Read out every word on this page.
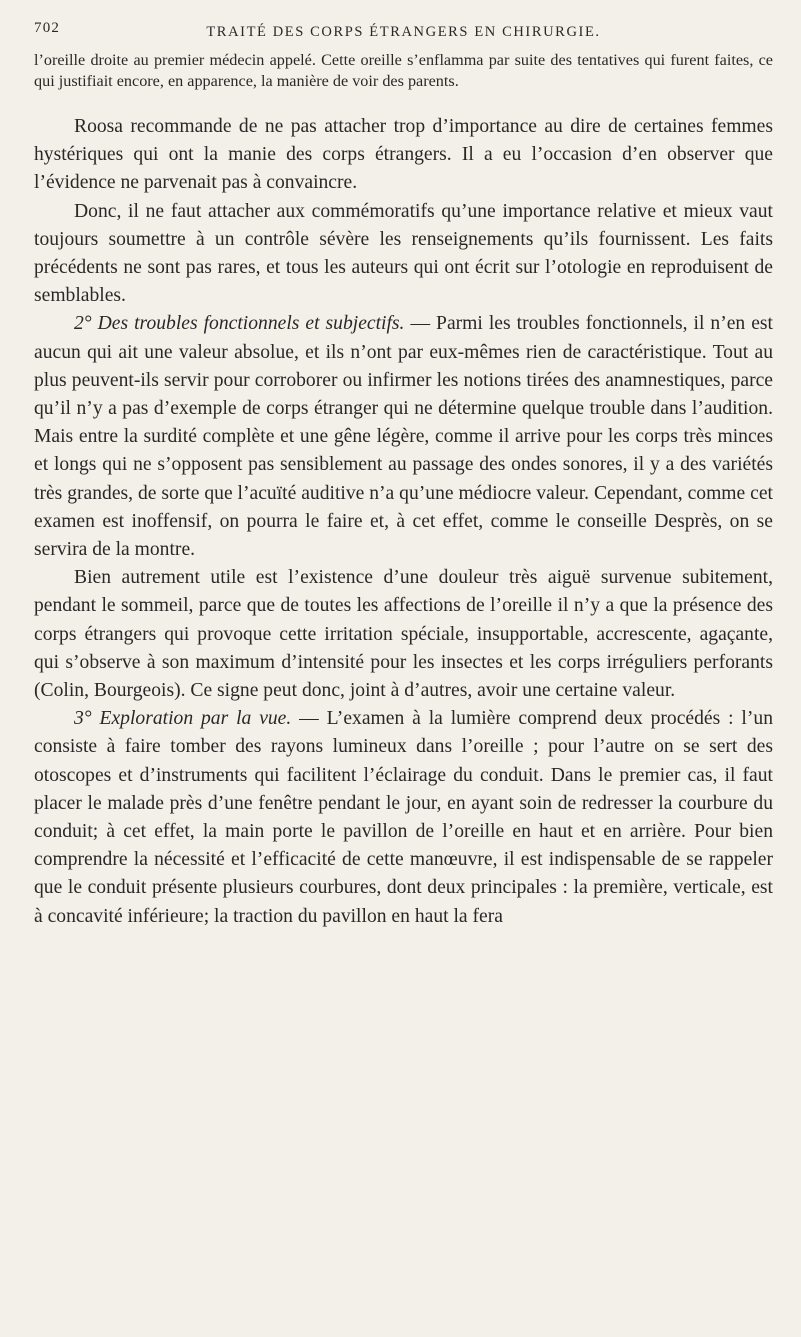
702	TRAITÉ DES CORPS ÉTRANGERS EN CHIRURGIE.

l’oreille droite au premier médecin appelé. Cette oreille s’enflamma par suite des tentatives qui furent faites, ce qui justifiait encore, en apparence, la manière de voir des parents.

Roosa recommande de ne pas attacher trop d’importance au dire de certaines femmes hystériques qui ont la manie des corps étrangers. Il a eu l’occasion d’en observer que l’évidence ne parvenait pas à convaincre.

Donc, il ne faut attacher aux commémoratifs qu’une importance relative et mieux vaut toujours soumettre à un contrôle sévère les renseignements qu’ils fournissent. Les faits précédents ne sont pas rares, et tous les auteurs qui ont écrit sur l’otologie en reproduisent de semblables.

2° Des troubles fonctionnels et subjectifs. — Parmi les troubles fonctionnels, il n’en est aucun qui ait une valeur absolue, et ils n’ont par eux-mêmes rien de caractéristique. Tout au plus peuvent-ils servir pour corroborer ou infirmer les notions tirées des anamnestiques, parce qu’il n’y a pas d’exemple de corps étranger qui ne détermine quelque trouble dans l’audition. Mais entre la surdité complète et une gêne légère, comme il arrive pour les corps très minces et longs qui ne s’opposent pas sensiblement au passage des ondes sonores, il y a des variétés très grandes, de sorte que l’acuïté auditive n’a qu’une médiocre valeur. Cependant, comme cet examen est inoffensif, on pourra le faire et, à cet effet, comme le conseille Desprès, on se servira de la montre.

Bien autrement utile est l’existence d’une douleur très aiguë survenue subitement, pendant le sommeil, parce que de toutes les affections de l’oreille il n’y a que la présence des corps étrangers qui provoque cette irritation spéciale, insupportable, accrescente, agaçante, qui s’observe à son maximum d’intensité pour les insectes et les corps irréguliers perforants (Colin, Bourgeois). Ce signe peut donc, joint à d’autres, avoir une certaine valeur.

3° Exploration par la vue. — L’examen à la lumière comprend deux procédés : l’un consiste à faire tomber des rayons lumineux dans l’oreille ; pour l’autre on se sert des otoscopes et d’instruments qui facilitent l’éclairage du conduit. Dans le premier cas, il faut placer le malade près d’une fenêtre pendant le jour, en ayant soin de redresser la courbure du conduit; à cet effet, la main porte le pavillon de l’oreille en haut et en arrière. Pour bien comprendre la nécessité et l’efficacité de cette manœuvre, il est indispensable de se rappeler que le conduit présente plusieurs courbures, dont deux principales : la première, verticale, est à concavité inférieure; la traction du pavillon en haut la fera
